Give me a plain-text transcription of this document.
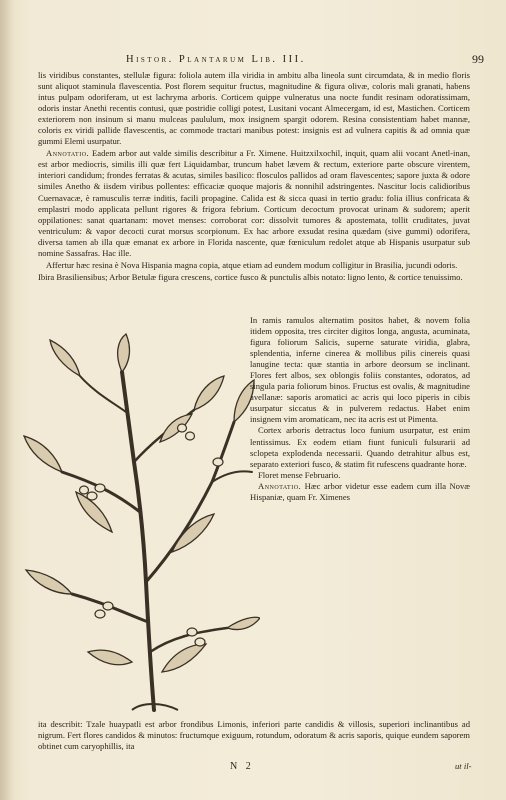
Histor. Plantarum Lib. III.	99

lis viridibus constantes, stellulæ figura: foliola autem illa viridia in ambitu alba lineola sunt circumdata, & in medio floris sunt aliquot staminula flavescentia. Post florem sequitur fructus, magnitudine & figura olivæ, coloris mali granati, habens intus pulpam odoriferam, ut est lachryma arboris. Corticem quippe vulneratus una nocte fundit resinam odoratissimam, odoris instar Anethi recentis contusi, quæ postridie colligi potest, Lusitani vocant Almecergam, id est, Mastichen. Corticem exteriorem non insinum si manu mulceas paululum, mox insignem spargit odorem. Resina consistentiam habet mannæ, coloris ex viridi pallide flavescentis, ac commode tractari manibus potest: insignis est ad vulnera capitis & ad omnia quæ gummi Elemi usurpatur.

Annotatio. Eadem arbor aut valde similis describitur a Fr. Ximene. Huitzxilxochil, inquit, quam alii vocant Anetl-inan, est arbor mediocris, similis illi quæ fert Liquidambar, truncum habet lævem & rectum, exteriore parte obscure virentem, interiori candidum; frondes ferratas & acutas, similes basilico: flosculos pallidos ad oram flavescentes; sapore juxta & odore similes Anetho & iisdem viribus pollentes: efficaciæ quoque majoris & nonnihil adstringentes. Nascitur locis calidioribus Cuernavacæ, è ramusculis terræ inditis, facili propagine. Calida est & sicca quasi in tertio gradu: folia illius confricata & emplastri modo applicata pellunt rigores & frigora febrium. Corticum decoctum provocat urinam & sudorem; aperit oppilationes: sanat quartanam: movet menses: corroborat cor: dissolvit tumores & apostemata, tollit cruditates, juvat ventriculum: & vapor decocti curat morsus scorpionum. Ex hac arbore exsudat resina quædam (sive gummi) odorifera, diversa tamen ab illa quæ emanat ex arbore in Florida nascente, quæ fœniculum redolet atque ab Hispanis usurpatur sub nomine Sassafras. Hac ille.

Affertur hæc resina è Nova Hispania magna copia, atque etiam ad eundem modum colligitur in Brasilia, jucundi odoris.

Ibira Brasiliensibus; Arbor Betulæ figura crescens, cortice fusco & punctulis albis notato: ligno lento, & cortice tenuissimo.

In ramis ramulos alternatim positos habet, & novem folia itidem opposita, tres circiter digitos longa, angusta, acuminata, figura foliorum Salicis, superne saturate viridia, glabra, splendentia, inferne cinerea & mollibus pilis cinereis quasi lanugine tecta: quæ stantia in arbore deorsum se inclinant. Flores fert albos, sex oblongis foliis constantes, odoratos, ad singula paria foliorum binos. Fructus est ovalis, & magnitudine avellanæ: saporis aromatici ac acris qui loco piperis in cibis usurpatur siccatus & in pulverem redactus. Habet enim insignem vim aromaticam, nec ita acris est ut Pimenta.

Cortex arboris detractus loco funium usurpatur, est enim lentissimus. Ex eodem etiam fiunt funiculi fulsurarii ad sclopeta explodenda necessarii. Quando detrahitur albus est, separato exteriori fusco, & statim fit rufescens quadrante horæ.

Floret mense Februario.

Annotatio. Hæc arbor videtur esse eadem cum illa Novæ Hispaniæ, quam Fr. Ximenes

ita describit: Tzale huaypatli est arbor frondibus Limonis, inferiori parte candidis & villosis, superiori inclinantibus ad nigrum. Fert flores candidos & minutos: fructumque exiguum, rotundum, odoratum & acris saporis, quique eundem saporem obtinet cum caryophillis, ita

N 2	ut il-
